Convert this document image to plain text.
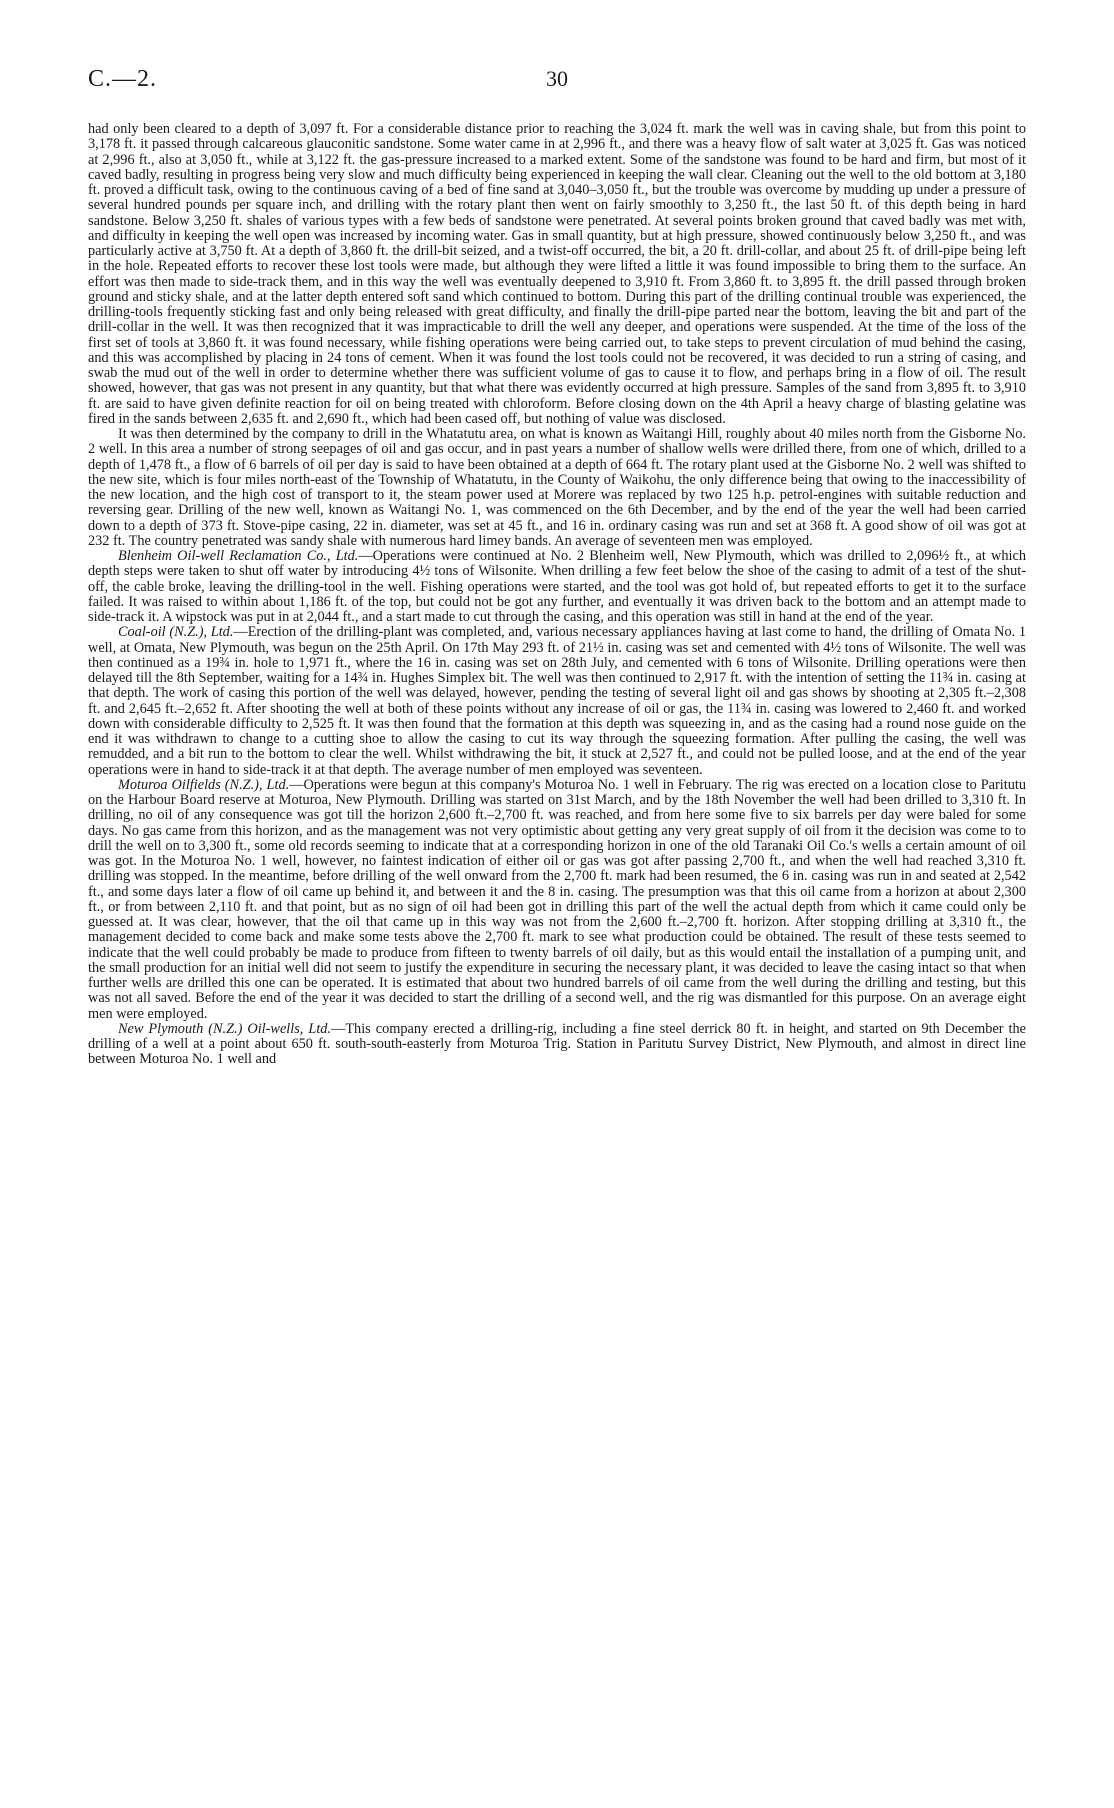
C.—2.	30

had only been cleared to a depth of 3,097 ft. For a considerable distance prior to reaching the 3,024 ft. mark the well was in caving shale, but from this point to 3,178 ft. it passed through calcareous glauconitic sandstone. Some water came in at 2,996 ft., and there was a heavy flow of salt water at 3,025 ft. Gas was noticed at 2,996 ft., also at 3,050 ft., while at 3,122 ft. the gas-pressure increased to a marked extent. Some of the sandstone was found to be hard and firm, but most of it caved badly, resulting in progress being very slow and much difficulty being experienced in keeping the wall clear. Cleaning out the well to the old bottom at 3,180 ft. proved a difficult task, owing to the continuous caving of a bed of fine sand at 3,040–3,050 ft., but the trouble was overcome by mudding up under a pressure of several hundred pounds per square inch, and drilling with the rotary plant then went on fairly smoothly to 3,250 ft., the last 50 ft. of this depth being in hard sandstone. Below 3,250 ft. shales of various types with a few beds of sandstone were penetrated. At several points broken ground that caved badly was met with, and difficulty in keeping the well open was increased by incoming water. Gas in small quantity, but at high pressure, showed continuously below 3,250 ft., and was particularly active at 3,750 ft. At a depth of 3,860 ft. the drill-bit seized, and a twist-off occurred, the bit, a 20 ft. drill-collar, and about 25 ft. of drill-pipe being left in the hole. Repeated efforts to recover these lost tools were made, but although they were lifted a little it was found impossible to bring them to the surface. An effort was then made to side-track them, and in this way the well was eventually deepened to 3,910 ft. From 3,860 ft. to 3,895 ft. the drill passed through broken ground and sticky shale, and at the latter depth entered soft sand which continued to bottom. During this part of the drilling continual trouble was experienced, the drilling-tools frequently sticking fast and only being released with great difficulty, and finally the drill-pipe parted near the bottom, leaving the bit and part of the drill-collar in the well. It was then recognized that it was impracticable to drill the well any deeper, and operations were suspended. At the time of the loss of the first set of tools at 3,860 ft. it was found necessary, while fishing operations were being carried out, to take steps to prevent circulation of mud behind the casing, and this was accomplished by placing in 24 tons of cement. When it was found the lost tools could not be recovered, it was decided to run a string of casing, and swab the mud out of the well in order to determine whether there was sufficient volume of gas to cause it to flow, and perhaps bring in a flow of oil. The result showed, however, that gas was not present in any quantity, but that what there was evidently occurred at high pressure. Samples of the sand from 3,895 ft. to 3,910 ft. are said to have given definite reaction for oil on being treated with chloroform. Before closing down on the 4th April a heavy charge of blasting gelatine was fired in the sands between 2,635 ft. and 2,690 ft., which had been cased off, but nothing of value was disclosed.

It was then determined by the company to drill in the Whatatutu area, on what is known as Waitangi Hill, roughly about 40 miles north from the Gisborne No. 2 well. In this area a number of strong seepages of oil and gas occur, and in past years a number of shallow wells were drilled there, from one of which, drilled to a depth of 1,478 ft., a flow of 6 barrels of oil per day is said to have been obtained at a depth of 664 ft. The rotary plant used at the Gisborne No. 2 well was shifted to the new site, which is four miles north-east of the Township of Whatatutu, in the County of Waikohu, the only difference being that owing to the inaccessibility of the new location, and the high cost of transport to it, the steam power used at Morere was replaced by two 125 h.p. petrol-engines with suitable reduction and reversing gear. Drilling of the new well, known as Waitangi No. 1, was commenced on the 6th December, and by the end of the year the well had been carried down to a depth of 373 ft. Stove-pipe casing, 22 in. diameter, was set at 45 ft., and 16 in. ordinary casing was run and set at 368 ft. A good show of oil was got at 232 ft. The country penetrated was sandy shale with numerous hard limey bands. An average of seventeen men was employed.

Blenheim Oil-well Reclamation Co., Ltd.—Operations were continued at No. 2 Blenheim well, New Plymouth, which was drilled to 2,096½ ft., at which depth steps were taken to shut off water by introducing 4½ tons of Wilsonite. When drilling a few feet below the shoe of the casing to admit of a test of the shut-off, the cable broke, leaving the drilling-tool in the well. Fishing operations were started, and the tool was got hold of, but repeated efforts to get it to the surface failed. It was raised to within about 1,186 ft. of the top, but could not be got any further, and eventually it was driven back to the bottom and an attempt made to side-track it. A wipstock was put in at 2,044 ft., and a start made to cut through the casing, and this operation was still in hand at the end of the year.

Coal-oil (N.Z.), Ltd.—Erection of the drilling-plant was completed, and, various necessary appliances having at last come to hand, the drilling of Omata No. 1 well, at Omata, New Plymouth, was begun on the 25th April. On 17th May 293 ft. of 21½ in. casing was set and cemented with 4½ tons of Wilsonite. The well was then continued as a 19¾ in. hole to 1,971 ft., where the 16 in. casing was set on 28th July, and cemented with 6 tons of Wilsonite. Drilling operations were then delayed till the 8th September, waiting for a 14¾ in. Hughes Simplex bit. The well was then continued to 2,917 ft. with the intention of setting the 11¾ in. casing at that depth. The work of casing this portion of the well was delayed, however, pending the testing of several light oil and gas shows by shooting at 2,305 ft.–2,308 ft. and 2,645 ft.–2,652 ft. After shooting the well at both of these points without any increase of oil or gas, the 11¾ in. casing was lowered to 2,460 ft. and worked down with considerable difficulty to 2,525 ft. It was then found that the formation at this depth was squeezing in, and as the casing had a round nose guide on the end it was withdrawn to change to a cutting shoe to allow the casing to cut its way through the squeezing formation. After pulling the casing, the well was remudded, and a bit run to the bottom to clear the well. Whilst withdrawing the bit, it stuck at 2,527 ft., and could not be pulled loose, and at the end of the year operations were in hand to side-track it at that depth. The average number of men employed was seventeen.

Moturoa Oilfields (N.Z.), Ltd.—Operations were begun at this company's Moturoa No. 1 well in February. The rig was erected on a location close to Paritutu on the Harbour Board reserve at Moturoa, New Plymouth. Drilling was started on 31st March, and by the 18th November the well had been drilled to 3,310 ft. In drilling, no oil of any consequence was got till the horizon 2,600 ft.–2,700 ft. was reached, and from here some five to six barrels per day were baled for some days. No gas came from this horizon, and as the management was not very optimistic about getting any very great supply of oil from it the decision was come to to drill the well on to 3,300 ft., some old records seeming to indicate that at a corresponding horizon in one of the old Taranaki Oil Co.'s wells a certain amount of oil was got. In the Moturoa No. 1 well, however, no faintest indication of either oil or gas was got after passing 2,700 ft., and when the well had reached 3,310 ft. drilling was stopped. In the meantime, before drilling of the well onward from the 2,700 ft. mark had been resumed, the 6 in. casing was run in and seated at 2,542 ft., and some days later a flow of oil came up behind it, and between it and the 8 in. casing. The presumption was that this oil came from a horizon at about 2,300 ft., or from between 2,110 ft. and that point, but as no sign of oil had been got in drilling this part of the well the actual depth from which it came could only be guessed at. It was clear, however, that the oil that came up in this way was not from the 2,600 ft.–2,700 ft. horizon. After stopping drilling at 3,310 ft., the management decided to come back and make some tests above the 2,700 ft. mark to see what production could be obtained. The result of these tests seemed to indicate that the well could probably be made to produce from fifteen to twenty barrels of oil daily, but as this would entail the installation of a pumping unit, and the small production for an initial well did not seem to justify the expenditure in securing the necessary plant, it was decided to leave the casing intact so that when further wells are drilled this one can be operated. It is estimated that about two hundred barrels of oil came from the well during the drilling and testing, but this was not all saved. Before the end of the year it was decided to start the drilling of a second well, and the rig was dismantled for this purpose. On an average eight men were employed.

New Plymouth (N.Z.) Oil-wells, Ltd.—This company erected a drilling-rig, including a fine steel derrick 80 ft. in height, and started on 9th December the drilling of a well at a point about 650 ft. south-south-easterly from Moturoa Trig. Station in Paritutu Survey District, New Plymouth, and almost in direct line between Moturoa No. 1 well and
